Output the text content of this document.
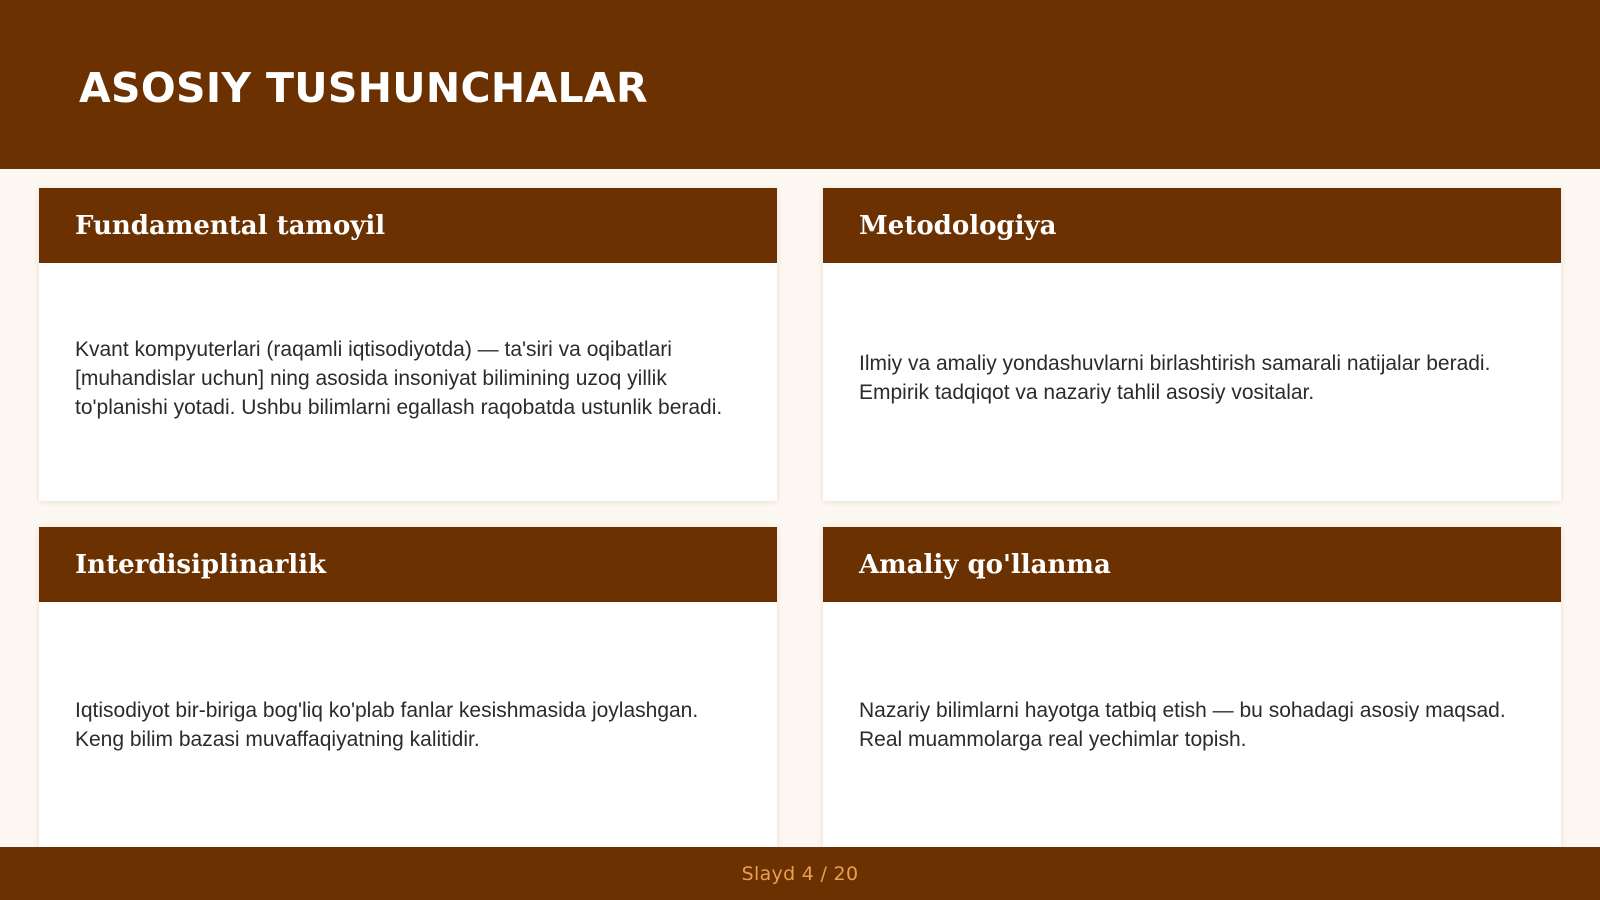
ASOSIY TUSHUNCHALAR
Fundamental tamoyil

Kvant kompyuterlari (raqamli iqtisodiyotda) — ta'siri va oqibatlari [muhandislar uchun] ning asosida insoniyat bilimining uzoq yillik to'planishi yotadi. Ushbu bilimlarni egallash raqobatda ustunlik beradi.

Metodologiya

Ilmiy va amaliy yondashuvlarni birlashtirish samarali natijalar beradi. Empirik tadqiqot va nazariy tahlil asosiy vositalar.

Interdisiplinarlik

Iqtisodiyot bir-biriga bog'liq ko'plab fanlar kesishmasida joylashgan. Keng bilim bazasi muvaffaqiyatning kalitidir.

Amaliy qo'llanma

Nazariy bilimlarni hayotga tatbiq etish — bu sohadagi asosiy maqsad. Real muammolarga real yechimlar topish.

Slayd 4 / 20
